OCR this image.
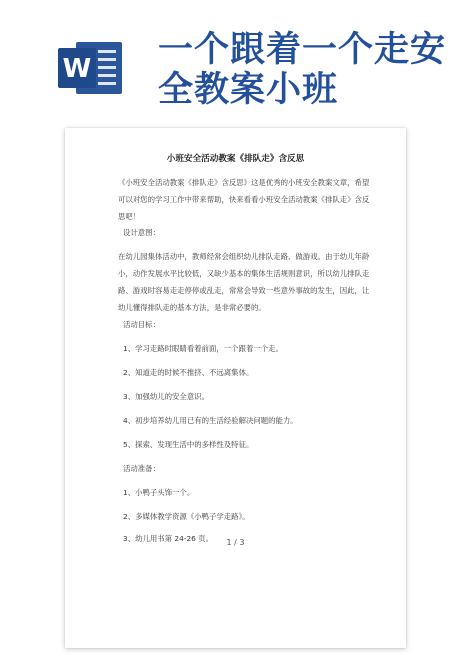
W 一个跟着一个走安全教案小班
小班安全活动教案《排队走》含反思
《小班安全活动教案《排队走》含反思》这是优秀的小班安全教案文章，希望可以对您的学习工作中带来帮助，快来看看小班安全活动教案《排队走》含反思吧！
设计意图：
在幼儿园集体活动中，教师经常会组织幼儿排队走路、做游戏。由于幼儿年龄小，动作发展水平比较低，又缺少基本的集体生活规则意识，所以幼儿排队走路、游戏时容易走走停停或乱走，常常会导致一些意外事故的发生，因此，让幼儿懂得排队走的基本方法，是非常必要的。
活动目标：
1、学习走路时眼睛看着前面，一个跟着一个走。
2、知道走的时候不推挤、不远离集体。
3、加强幼儿的安全意识。
4、初步培养幼儿用已有的生活经验解决问题的能力。
5、探索、发现生活中的多样性及特征。
活动准备：
1、小鸭子头饰一个。
2、多媒体教学资源《小鸭子学走路》。
3、幼儿用书第 24-26 页。	1 / 3
